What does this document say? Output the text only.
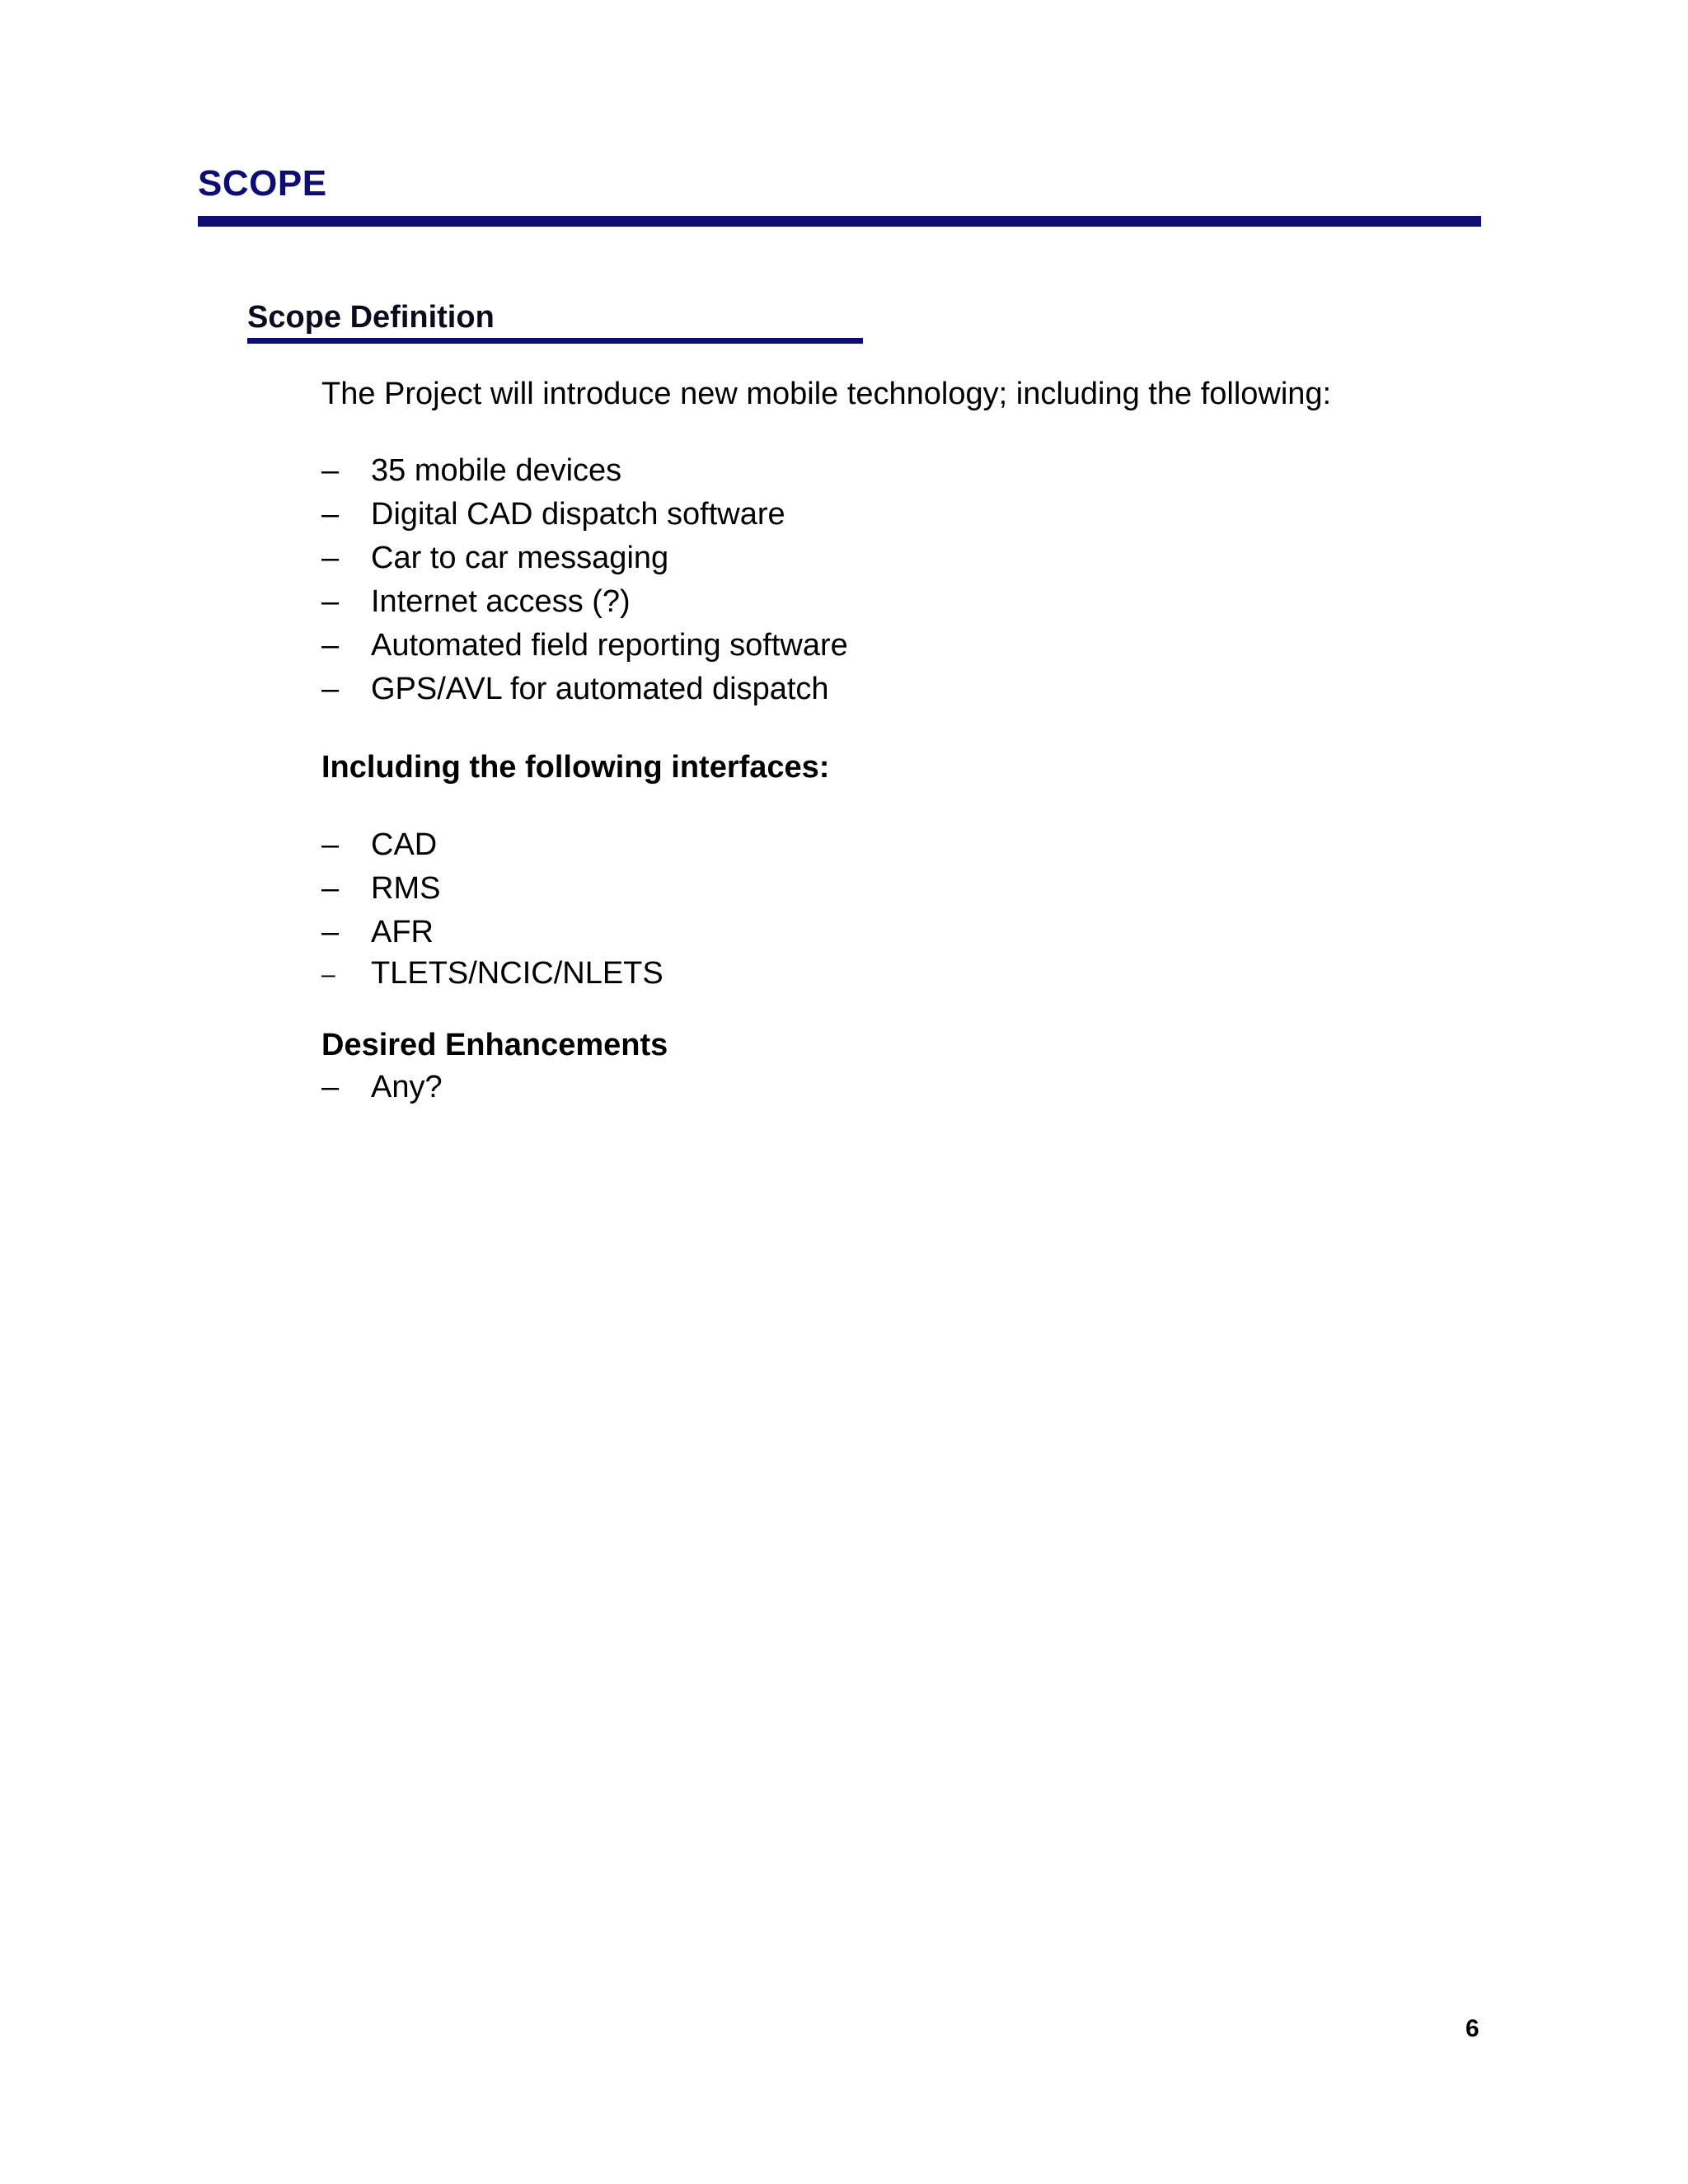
SCOPE
Scope Definition
The Project will introduce new mobile technology; including the following:
–	35 mobile devices
–	Digital CAD dispatch software
–	Car to car messaging
–	Internet access (?)
–	Automated field reporting software
–	GPS/AVL for automated dispatch
Including the following interfaces:
–	CAD
–	RMS
–	AFR
–	TLETS/NCIC/NLETS
Desired Enhancements
–	Any?
6
